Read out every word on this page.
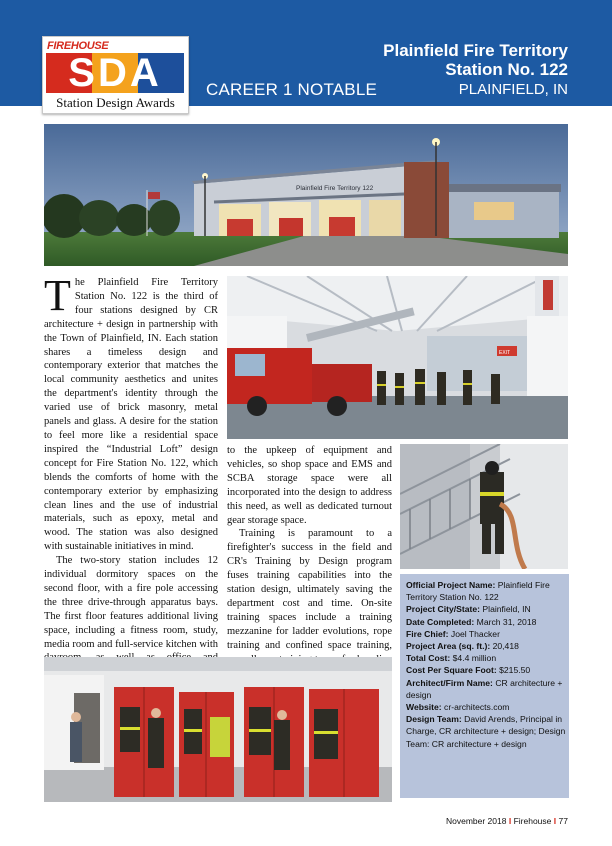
FIREHOUSE
SDA
Station Design Awards
CAREER 1 NOTABLE
Plainfield Fire Territory
Station No. 122
PLAINFIELD, IN
Plainfield Fire Territory 122

The Plainfield Fire Territory Station No. 122 is the third of four stations designed by CR architecture + design in partnership with the Town of Plainfield, IN. Each station shares a timeless design and contemporary exterior that matches the local community aesthetics and unites the department's identity through the varied use of brick masonry, metal panels and glass. A desire for the station to feel more like a residential space inspired the “Industrial Loft” design concept for Fire Station No. 122, which blends the comforts of home with the contemporary exterior by emphasizing clean lines and the use of industrial materials, such as epoxy, metal and wood. The station was also designed with sustainable initiatives in mind.

The two-story station includes 12 individual dormitory spaces on the second floor, with a fire pole accessing the three drive-through apparatus bays. The first floor features additional living space, including a fitness room, study, media room and full-service kitchen with

EXIT

to the upkeep of equipment and vehicles, so shop space and EMS and SCBA storage space were all incorporated into the design to address this need, as well as dedicated turnout gear storage space.

Training is paramount to a firefighter's success in the field and CR's Training by Design program fuses training capabilities into the station design, ultimately saving the department cost and time. On-site training spaces include a training mezzanine for ladder evolutions, rope training and confined space training,

Official Project Name: Plainfield Fire Territory Station No. 122
Project City/State: Plainfield, IN
Date Completed: March 31, 2018
Fire Chief: Joel Thacker
Project Area (sq. ft.): 20,418
Total Cost: $4.4 million
Cost Per Square Foot: $215.50
Architect/Firm Name: CR architecture + design
Website: cr-architects.com
Design Team: David Arends, Principal in Charge, CR architecture + design; Design Team: CR architecture + design
November 2018 I Firehouse I 77
